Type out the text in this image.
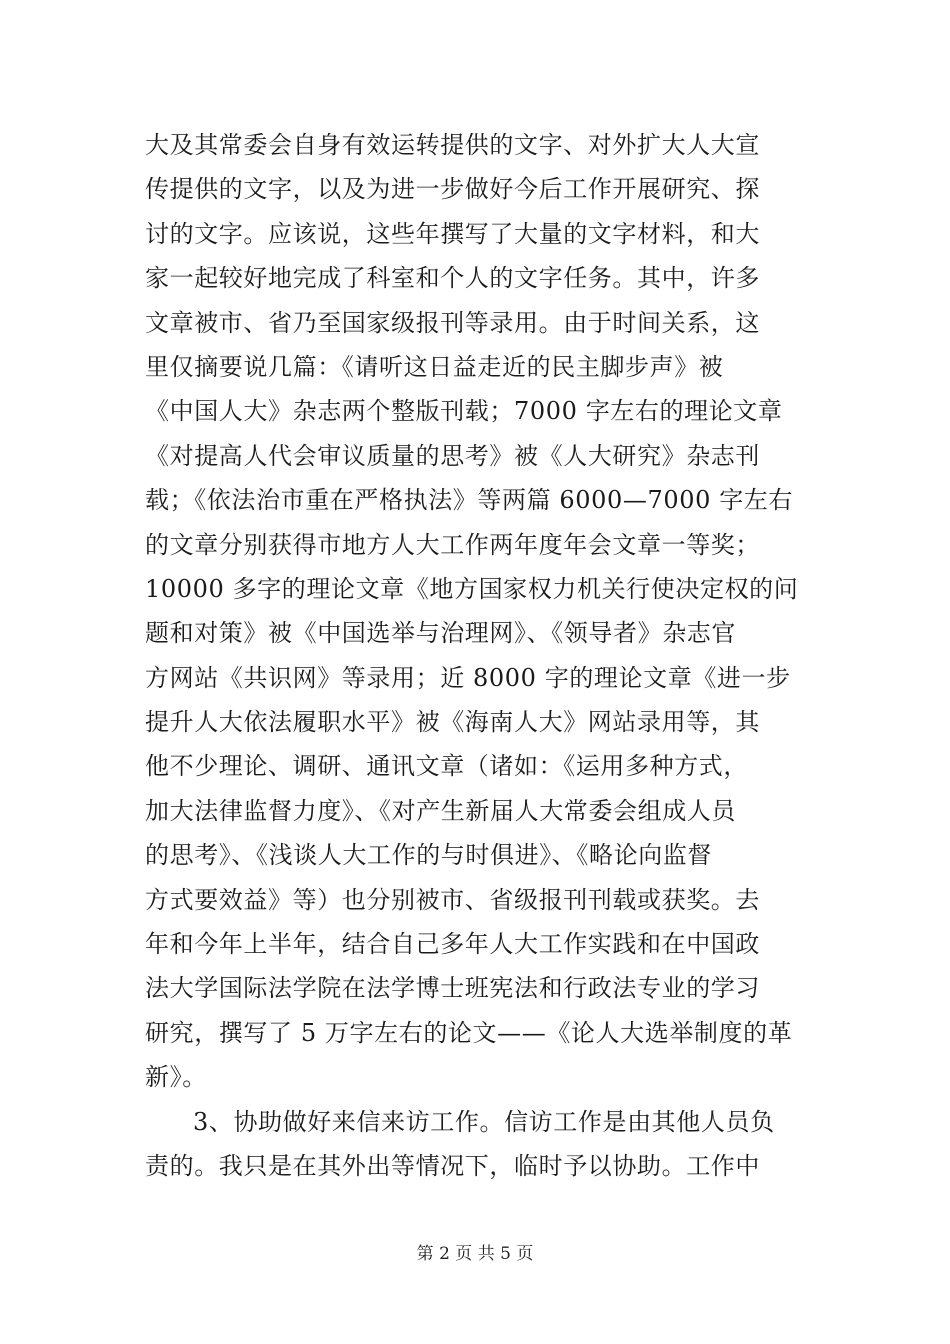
大及其常委会自身有效运转提供的文字、对外扩大人大宣
传提供的文字，以及为进一步做好今后工作开展研究、探
讨的文字。应该说，这些年撰写了大量的文字材料，和大
家一起较好地完成了科室和个人的文字任务。其中，许多
文章被市、省乃至国家级报刊等录用。由于时间关系，这
里仅摘要说几篇：《请听这日益走近的民主脚步声》被
《中国人大》杂志两个整版刊载；7000 字左右的理论文章
《对提高人代会审议质量的思考》被《人大研究》杂志刊
载；《依法治市重在严格执法》等两篇 6000—7000 字左右
的文章分别获得市地方人大工作两年度年会文章一等奖；
10000 多字的理论文章《地方国家权力机关行使决定权的问
题和对策》被《中国选举与治理网》、《领导者》杂志官
方网站《共识网》等录用；近 8000 字的理论文章《进一步
提升人大依法履职水平》被《海南人大》网站录用等，其
他不少理论、调研、通讯文章（诸如：《运用多种方式，
加大法律监督力度》、《对产生新届人大常委会组成人员
的思考》、《浅谈人大工作的与时俱进》、《略论向监督
方式要效益》等）也分别被市、省级报刊刊载或获奖。去
年和今年上半年，结合自己多年人大工作实践和在中国政
法大学国际法学院在法学博士班宪法和行政法专业的学习
研究，撰写了 5 万字左右的论文——《论人大选举制度的革
新》。
3、协助做好来信来访工作。信访工作是由其他人员负
责的。我只是在其外出等情况下，临时予以协助。工作中
第 2 页 共 5 页
